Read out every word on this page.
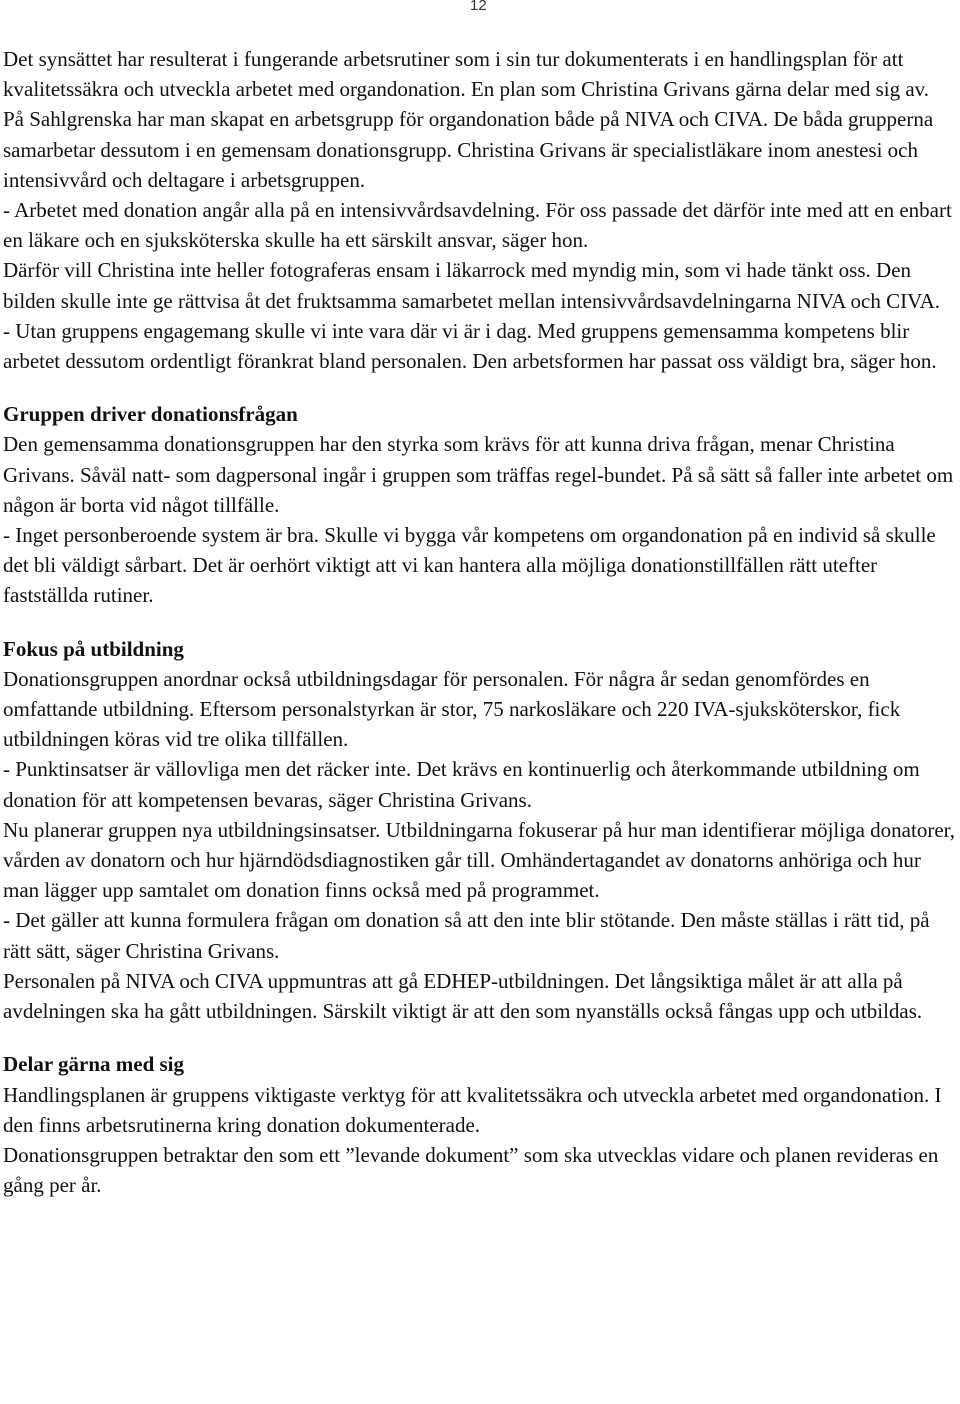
12

Det synsättet har resulterat i fungerande arbetsrutiner som i sin tur dokumenterats i en handlingsplan för att kvalitetssäkra och utveckla arbetet med organdonation. En plan som Christina Grivans gärna delar med sig av.

På Sahlgrenska har man skapat en arbetsgrupp för organdonation både på NIVA och CIVA. De båda grupperna samarbetar dessutom i en gemensam donationsgrupp. Christina Grivans är specialistläkare inom anestesi och intensivvård och deltagare i arbetsgruppen.

- Arbetet med donation angår alla på en intensivvårdsavdelning. För oss passade det därför inte med att en enbart en läkare och en sjuksköterska skulle ha ett särskilt ansvar, säger hon.

Därför vill Christina inte heller fotograferas ensam i läkarrock med myndig min, som vi hade tänkt oss. Den bilden skulle inte ge rättvisa åt det fruktsamma samarbetet mellan intensivvårdsavdelningarna NIVA och CIVA.

- Utan gruppens engagemang skulle vi inte vara där vi är i dag. Med gruppens gemensamma kompetens blir arbetet dessutom ordentligt förankrat bland personalen. Den arbetsformen har passat oss väldigt bra, säger hon.

Gruppen driver donationsfrågan

Den gemensamma donationsgruppen har den styrka som krävs för att kunna driva frågan, menar Christina Grivans. Såväl natt- som dagpersonal ingår i gruppen som träffas regel-bundet. På så sätt så faller inte arbetet om någon är borta vid något tillfälle.

- Inget personberoende system är bra. Skulle vi bygga vår kompetens om organdonation på en individ så skulle det bli väldigt sårbart. Det är oerhört viktigt att vi kan hantera alla möjliga donationstillfällen rätt utefter fastställda rutiner.

Fokus på utbildning

Donationsgruppen anordnar också utbildningsdagar för personalen. För några år sedan genomfördes en omfattande utbildning. Eftersom personalstyrkan är stor, 75 narkosläkare och 220 IVA-sjuksköterskor, fick utbildningen köras vid tre olika tillfällen.

- Punktinsatser är vällovliga men det räcker inte. Det krävs en kontinuerlig och återkommande utbildning om donation för att kompetensen bevaras, säger Christina Grivans.

Nu planerar gruppen nya utbildningsinsatser. Utbildningarna fokuserar på hur man identifierar möjliga donatorer, vården av donatorn och hur hjärndödsdiagnostiken går till. Omhändertagandet av donatorns anhöriga och hur man lägger upp samtalet om donation finns också med på programmet.

- Det gäller att kunna formulera frågan om donation så att den inte blir stötande. Den måste ställas i rätt tid, på rätt sätt, säger Christina Grivans.

Personalen på NIVA och CIVA uppmuntras att gå EDHEP-utbildningen. Det långsiktiga målet är att alla på avdelningen ska ha gått utbildningen. Särskilt viktigt är att den som nyanställs också fångas upp och utbildas.

Delar gärna med sig

Handlingsplanen är gruppens viktigaste verktyg för att kvalitetssäkra och utveckla arbetet med organdonation. I den finns arbetsrutinerna kring donation dokumenterade.

Donationsgruppen betraktar den som ett ”levande dokument” som ska utvecklas vidare och planen revideras en gång per år.
